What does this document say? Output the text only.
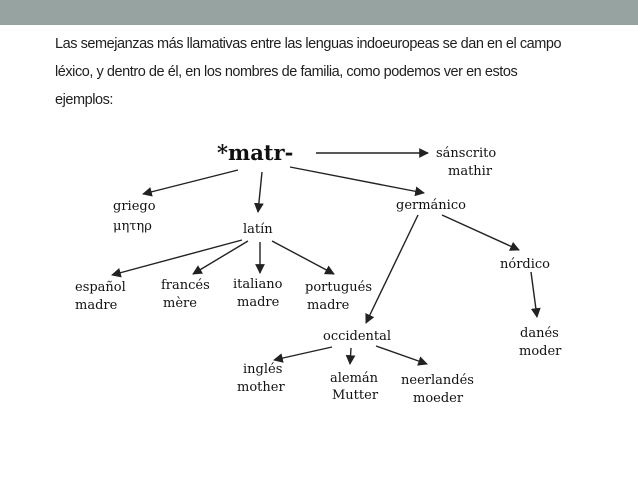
Las semejanzas más llamativas entre las lenguas indoeuropeas se dan en el campo
léxico, y dentro de él, en los nombres de familia, como podemos ver en estos
ejemplos:

*matr-	sánscrito
mathir
griego
μητηρ	latín
germánico
nórdico
danés
moder
español
madre
francés
mère
italiano
madre
portugués
madre
occidental
inglés
mother
alemán
Mutter
neerlandés
moeder
